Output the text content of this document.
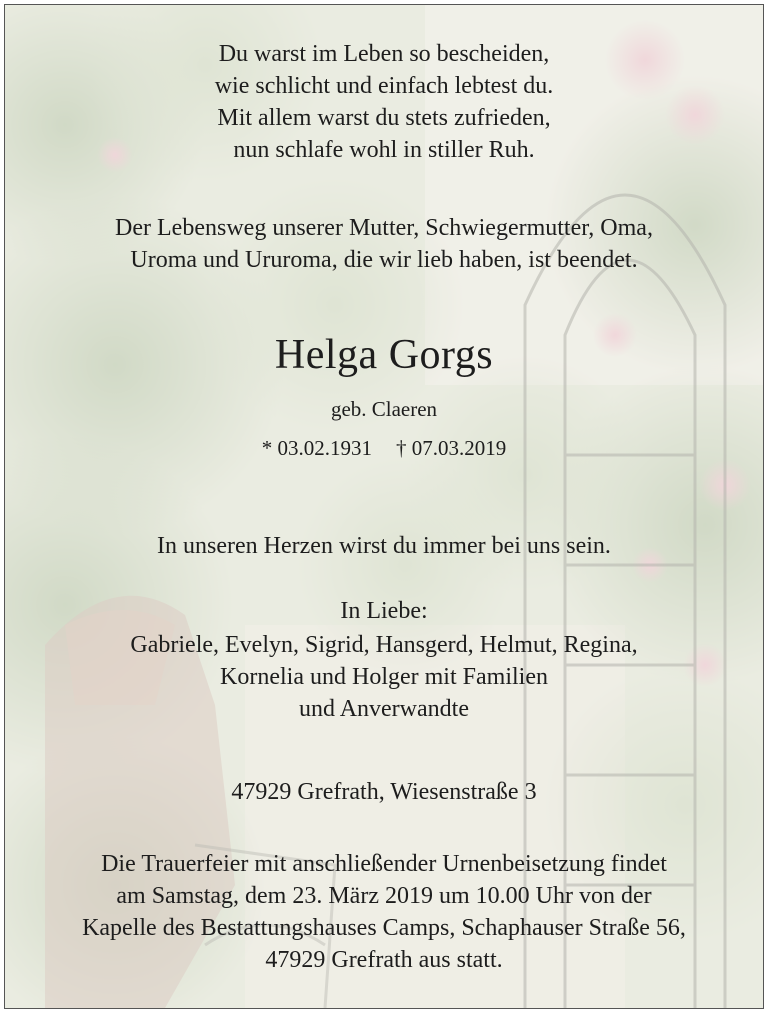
Du warst im Leben so bescheiden,
wie schlicht und einfach lebtest du.
Mit allem warst du stets zufrieden,
nun schlafe wohl in stiller Ruh.
Der Lebensweg unserer Mutter, Schwiegermutter, Oma,
Uroma und Ururoma, die wir lieb haben, ist beendet.
Helga Gorgs
geb. Claeren
* 03.02.1931 † 07.03.2019
In unseren Herzen wirst du immer bei uns sein.
In Liebe:
Gabriele, Evelyn, Sigrid, Hansgerd, Helmut, Regina,
Kornelia und Holger mit Familien
und Anverwandte
47929 Grefrath, Wiesenstraße 3
Die Trauerfeier mit anschließender Urnenbeisetzung findet
am Samstag, dem 23. März 2019 um 10.00 Uhr von der
Kapelle des Bestattungshauses Camps, Schaphauser Straße 56,
47929 Grefrath aus statt.
